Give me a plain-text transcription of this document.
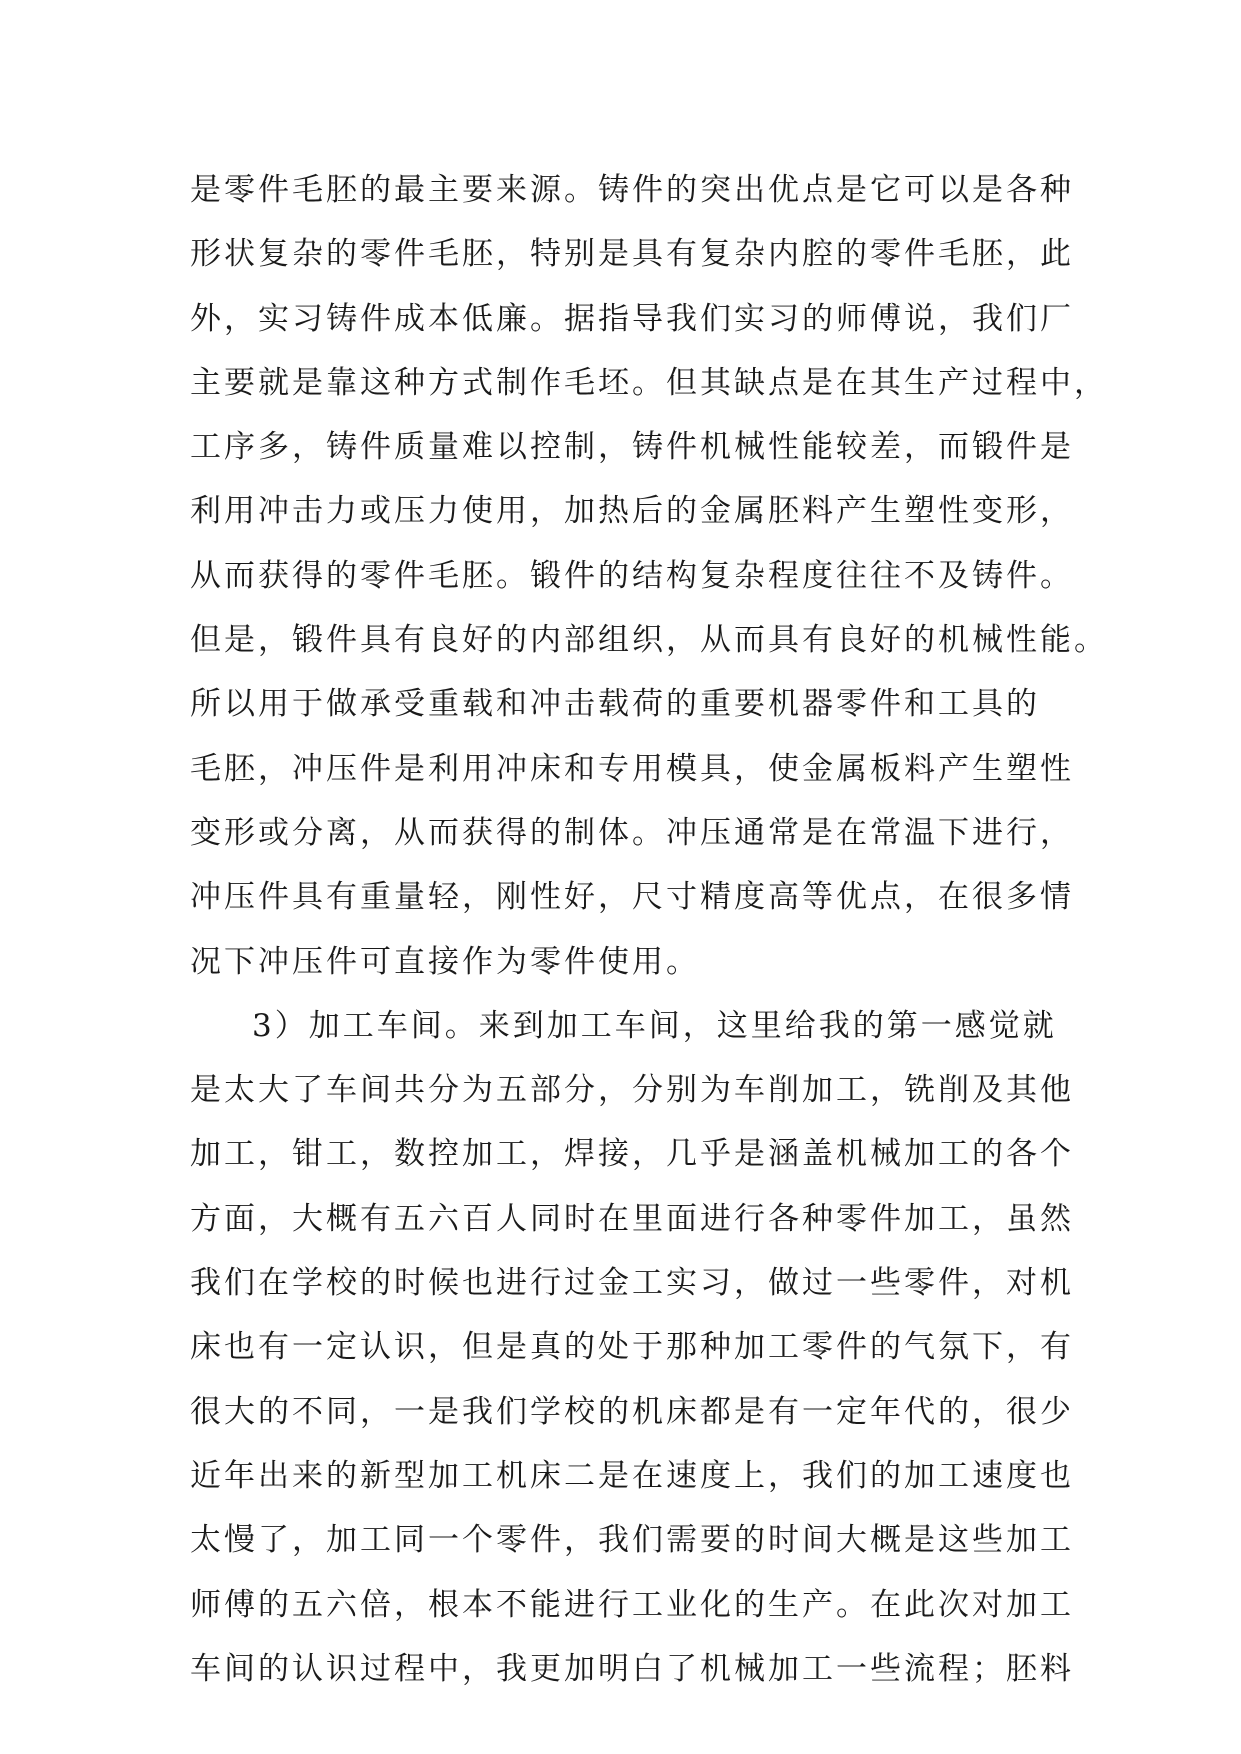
是零件毛胚的最主要来源。铸件的突出优点是它可以是各种
形状复杂的零件毛胚，特别是具有复杂内腔的零件毛胚，此
外，实习铸件成本低廉。据指导我们实习的师傅说，我们厂
主要就是靠这种方式制作毛坯。但其缺点是在其生产过程中，
工序多，铸件质量难以控制，铸件机械性能较差，而锻件是
利用冲击力或压力使用，加热后的金属胚料产生塑性变形，
从而获得的零件毛胚。锻件的结构复杂程度往往不及铸件。
但是，锻件具有良好的内部组织，从而具有良好的机械性能。
所以用于做承受重载和冲击载荷的重要机器零件和工具的
毛胚，冲压件是利用冲床和专用模具，使金属板料产生塑性
变形或分离，从而获得的制体。冲压通常是在常温下进行，
冲压件具有重量轻，刚性好，尺寸精度高等优点，在很多情
况下冲压件可直接作为零件使用。
3）加工车间。来到加工车间，这里给我的第一感觉就
是太大了车间共分为五部分，分别为车削加工，铣削及其他
加工，钳工，数控加工，焊接，几乎是涵盖机械加工的各个
方面，大概有五六百人同时在里面进行各种零件加工，虽然
我们在学校的时候也进行过金工实习，做过一些零件，对机
床也有一定认识，但是真的处于那种加工零件的气氛下，有
很大的不同，一是我们学校的机床都是有一定年代的，很少
近年出来的新型加工机床二是在速度上，我们的加工速度也
太慢了，加工同一个零件，我们需要的时间大概是这些加工
师傅的五六倍，根本不能进行工业化的生产。在此次对加工
车间的认识过程中，我更加明白了机械加工一些流程；胚料
